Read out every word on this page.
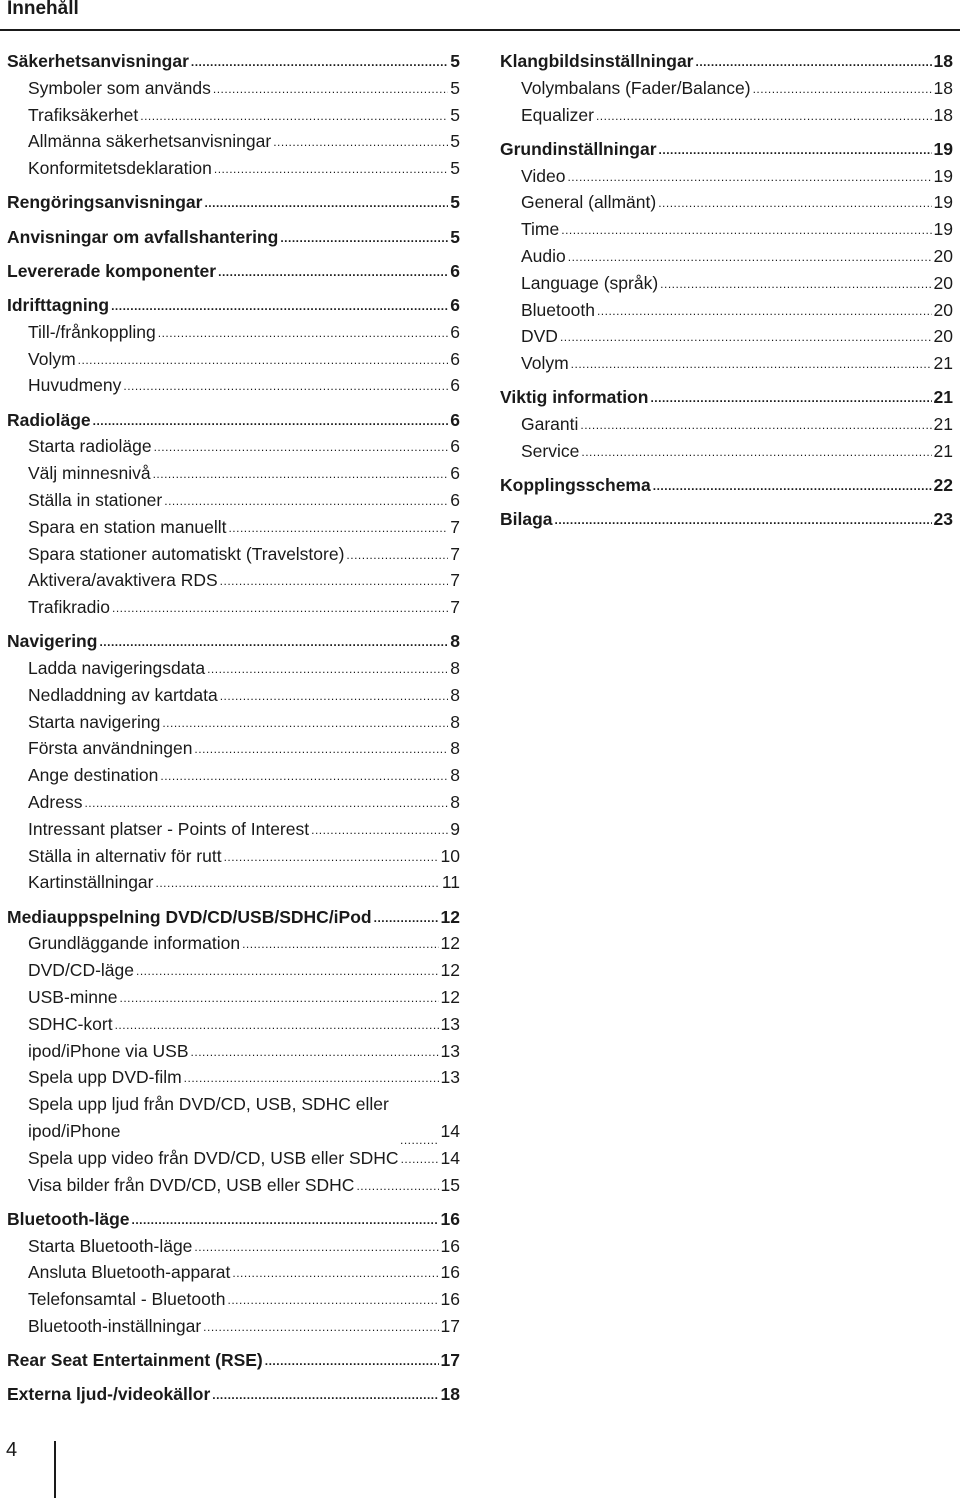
Innehåll
Säkerhetsanvisningar .....	5
Symboler som används .....	5
Trafiksäkerhet .....	5
Allmänna säkerhetsanvisningar .....	5
Konformitetsdeklaration .....	5
Rengöringsanvisningar .....	5
Anvisningar om avfallshantering .....	5
Levererade komponenter .....	6
Idrifttagning .....	6
Till-/frånkoppling .....	6
Volym .....	6
Huvudmeny .....	6
Radioläge .....	6
Starta radioläge .....	6
Välj minnesnivå .....	6
Ställa in stationer .....	6
Spara en station manuellt .....	7
Spara stationer automatiskt (Travelstore) .....	7
Aktivera/avaktivera RDS .....	7
Trafikradio .....	7
Navigering .....	8
Ladda navigeringsdata .....	8
Nedladdning av kartdata .....	8
Starta navigering .....	8
Första användningen .....	8
Ange destination .....	8
Adress .....	8
Intressant platser - Points of Interest .....	9
Ställa in alternativ för rutt .....	10
Kartinställningar .....	11
Mediauppspelning DVD/CD/USB/SDHC/iPod .....	12
Grundläggande information .....	12
DVD/CD-läge .....	12
USB-minne .....	12
SDHC-kort .....	13
ipod/iPhone via USB .....	13
Spela upp DVD-film .....	13
Spela upp ljud från DVD/CD, USB, SDHC eller ipod/iPhone .....	14
Spela upp video från DVD/CD, USB eller SDHC ..... 14
Visa bilder från DVD/CD, USB eller SDHC .....	15
Bluetooth-läge .....	16
Starta Bluetooth-läge .....	16
Ansluta Bluetooth-apparat .....	16
Telefonsamtal - Bluetooth .....	16
Bluetooth-inställningar .....	17
Rear Seat Entertainment (RSE) .....	17
Externa ljud-/videokällor .....	18
Klangbildsinställningar .....	18
Volymbalans (Fader/Balance) .....	18
Equalizer .....	18
Grundinställningar .....	19
Video .....	19
General (allmänt) .....	19
Time .....	19
Audio .....	20
Language (språk) .....	20
Bluetooth .....	20
DVD .....	20
Volym .....	21
Viktig information .....	21
Garanti .....	21
Service .....	21
Kopplingsschema .....	22
Bilaga .....	23
4
